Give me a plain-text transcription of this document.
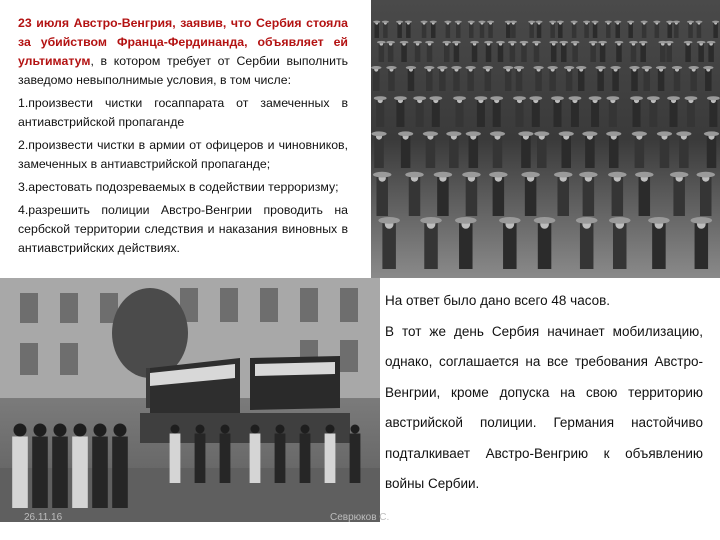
23 июля Австро-Венгрия, заявив, что Сербия стояла за убийством Франца-Фердинанда, объявляет ей ультиматум, в котором требует от Сербии выполнить заведомо невыполнимые условия, в том числе:

1.произвести чистки госаппарата от замеченных в антиавстрийской пропаганде

2.произвести чистки в армии от офицеров и чиновников, замеченных в антиавстрийской пропаганде;

3.арестовать подозреваемых в содействии терроризму;

4.разрешить полиции Австро-Венгрии проводить на сербской территории следствия и наказания виновных в антиавстрийских действиях.

На ответ было дано всего 48 часов.

В тот же день Сербия начинает мобилизацию, однако, соглашается на все требования Австро-Венгрии, кроме допуска на свою территорию австрийской полиции. Германия настойчиво подталкивает Австро-Венгрию к объявлению войны Сербии.

26.11.16	Севрюков С.
